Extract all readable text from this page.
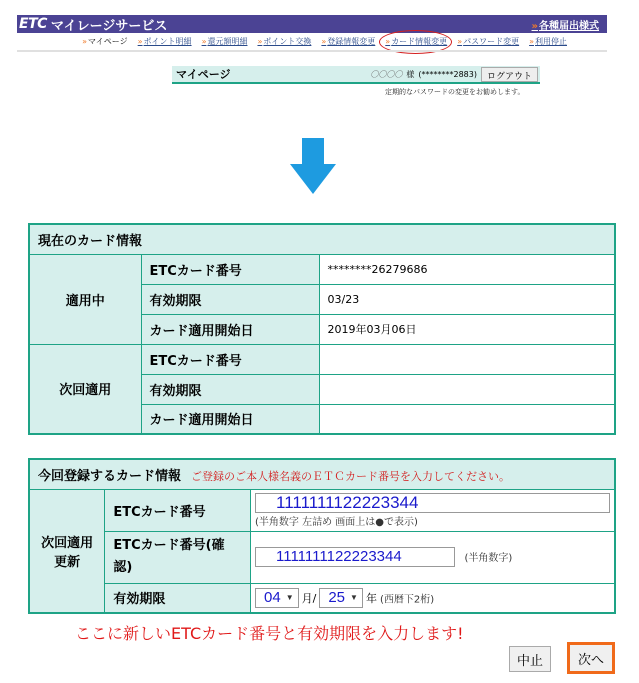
ETC マイレージサービス	»各種届出様式
»マイページ »ポイント明細 »還元額明細 »ポイント交換 »登録情報変更 »カード情報変更 »パスワード変更 »利用停止
マイページ	〇〇〇〇 様 (********2883)	ログアウト
定期的なパスワードの変更をお勧めします。
現在のカード情報		
適用中	ETCカード番号	********26279686
	有効期限	03/23
	カード適用開始日	2019年03月06日
次回適用	ETCカード番号	
	有効期限	
	カード適用開始日	
今回登録するカード情報 ご登録のご本人様名義のＥＴＣカード番号を入力してください。		

次回適用
更新
	ETCカード番号	1111111122223344
(半角数字 左詰め 画面上は●で表示)

	ETCカード番号(確認)	1111111122223344 (半角数字)
有効期限	04 ▼ 月/ 25 ▼ 年 (西暦下2桁)
ここに新しいETCカード番号と有効期限を入力します!
中止	次へ
